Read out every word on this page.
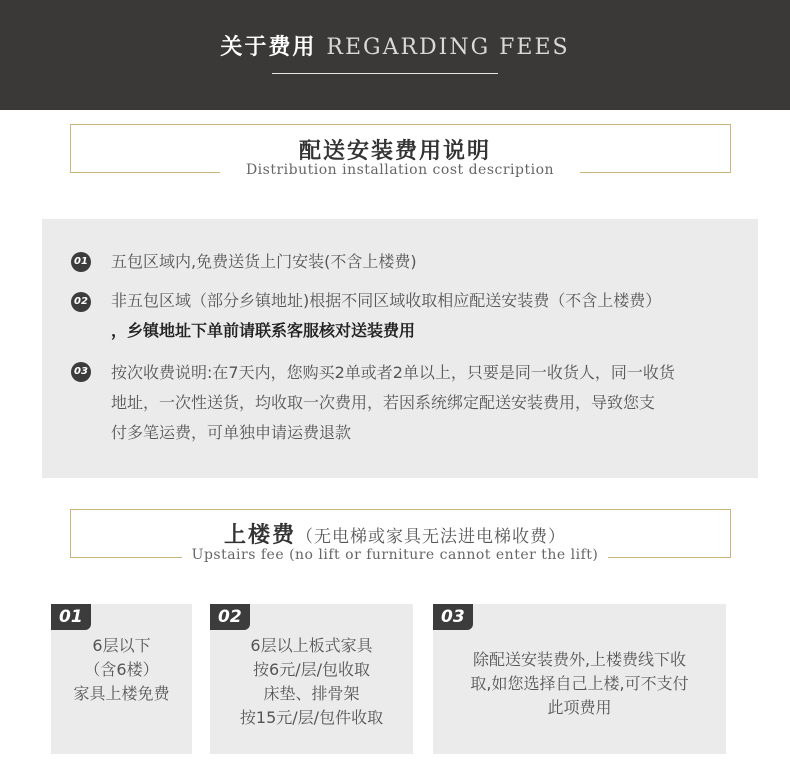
关于费用 REGARDING FEES
配送安装费用说明
Distribution installation cost description
01 五包区域内,免费送货上门安装(不含上楼费)
02 非五包区域（部分乡镇地址)根据不同区域收取相应配送安装费（不含上楼费）
，乡镇地址下单前请联系客服核对送装费用
03 按次收费说明:在7天内，您购买2单或者2单以上，只要是同一收货人，同一收货
地址，一次性送货，均收取一次费用，若因系统绑定配送安装费用，导致您支
付多笔运费，可单独申请运费退款
上楼费（无电梯或家具无法进电梯收费）
Upstairs fee (no lift or furniture cannot enter the lift)
01
6层以下
（含6楼）
家具上楼免费
02
6层以上板式家具
按6元/层/包收取
床垫、排骨架
按15元/层/包件收取
03
除配送安装费外,上楼费线下收
取,如您选择自己上楼,可不支付
此项费用
